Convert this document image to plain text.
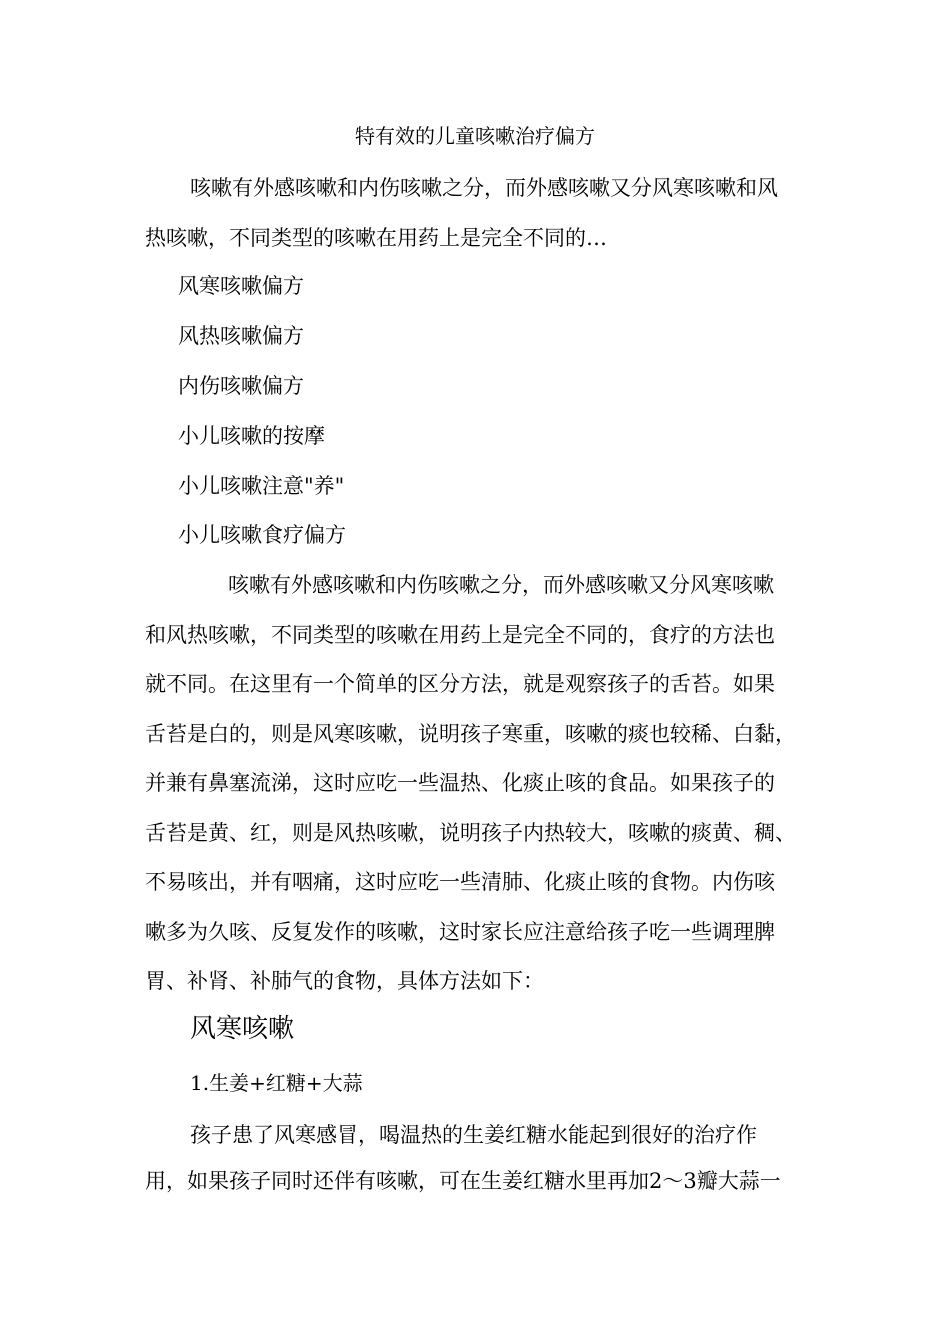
特有效的儿童咳嗽治疗偏方
咳嗽有外感咳嗽和内伤咳嗽之分，而外感咳嗽又分风寒咳嗽和风
热咳嗽，不同类型的咳嗽在用药上是完全不同的…
风寒咳嗽偏方
风热咳嗽偏方
内伤咳嗽偏方
小儿咳嗽的按摩
小儿咳嗽注意"养"
小儿咳嗽食疗偏方
咳嗽有外感咳嗽和内伤咳嗽之分，而外感咳嗽又分风寒咳嗽
和风热咳嗽，不同类型的咳嗽在用药上是完全不同的，食疗的方法也
就不同。在这里有一个简单的区分方法，就是观察孩子的舌苔。如果
舌苔是白的，则是风寒咳嗽，说明孩子寒重，咳嗽的痰也较稀、白黏，
并兼有鼻塞流涕，这时应吃一些温热、化痰止咳的食品。如果孩子的
舌苔是黄、红，则是风热咳嗽，说明孩子内热较大，咳嗽的痰黄、稠、
不易咳出，并有咽痛，这时应吃一些清肺、化痰止咳的食物。内伤咳
嗽多为久咳、反复发作的咳嗽，这时家长应注意给孩子吃一些调理脾
胃、补肾、补肺气的食物，具体方法如下：
风寒咳嗽
1.生姜+红糖+大蒜
孩子患了风寒感冒，喝温热的生姜红糖水能起到很好的治疗作
用，如果孩子同时还伴有咳嗽，可在生姜红糖水里再加2～3瓣大蒜一
